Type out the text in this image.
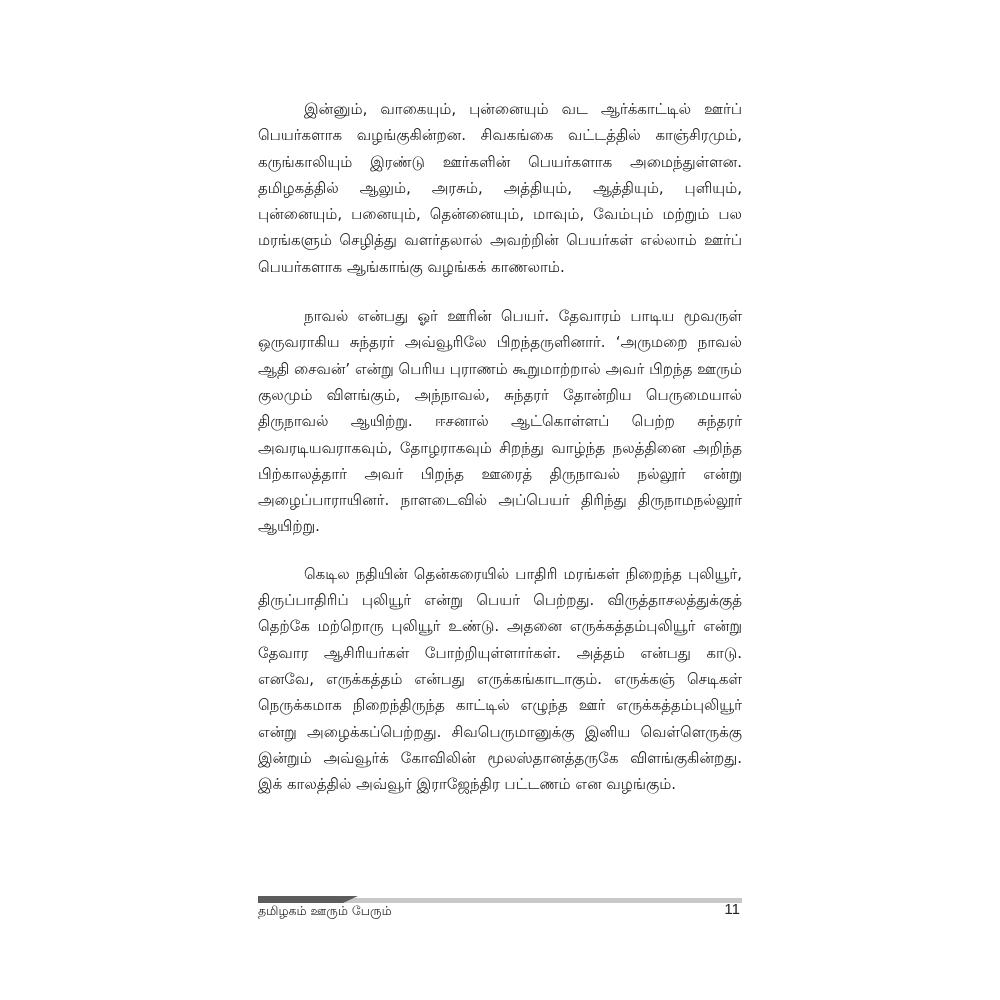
இன்னும், வாகையும், புன்னையும் வட ஆர்க்காட்டில் ஊர்ப் பெயர்களாக வழங்குகின்றன. சிவகங்கை வட்டத்தில் காஞ்சிரமும், கருங்காலியும் இரண்டு ஊர்களின் பெயர்களாக அமைந்துள்ளன. தமிழகத்தில் ஆலும், அரசும், அத்தியும், ஆத்தியும், புளியும், புன்னையும், பனையும், தென்னையும், மாவும், வேம்பும் மற்றும் பல மரங்களும் செழித்து வளர்தலால் அவற்றின் பெயர்கள் எல்லாம் ஊர்ப் பெயர்களாக ஆங்காங்கு வழங்கக் காணலாம்.

நாவல் என்பது ஓர் ஊரின் பெயர். தேவாரம் பாடிய மூவருள் ஒருவராகிய சுந்தரர் அவ்வூரிலே பிறந்தருளினார். ‘அருமறை நாவல் ஆதி சைவன்’ என்று பெரிய புராணம் கூறுமாற்றால் அவர் பிறந்த ஊரும் குலமும் விளங்கும், அந்நாவல், சுந்தரர் தோன்றிய பெருமையால் திருநாவல் ஆயிற்று. ஈசனால் ஆட்கொள்ளப் பெற்ற சுந்தரர் அவரடியவராகவும், தோழராகவும் சிறந்து வாழ்ந்த நலத்தினை அறிந்த பிற்காலத்தார் அவர் பிறந்த ஊரைத் திருநாவல் நல்லூர் என்று அழைப்பாராயினர். நாளடைவில் அப்பெயர் திரிந்து திருநாமநல்லூர் ஆயிற்று.

கெடில நதியின் தென்கரையில் பாதிரி மரங்கள் நிறைந்த புலியூர், திருப்பாதிரிப் புலியூர் என்று பெயர் பெற்றது. விருத்தாசலத்துக்குத் தெற்கே மற்றொரு புலியூர் உண்டு. அதனை எருக்கத்தம்புலியூர் என்று தேவார ஆசிரியர்கள் போற்றியுள்ளார்கள். அத்தம் என்பது காடு. எனவே, எருக்கத்தம் என்பது எருக்கங்காடாகும். எருக்கஞ் செடிகள் நெருக்கமாக நிறைந்திருந்த காட்டில் எழுந்த ஊர் எருக்கத்தம்புலியூர் என்று அழைக்கப்பெற்றது. சிவபெருமானுக்கு இனிய வெள்ளெருக்கு இன்றும் அவ்வூர்க் கோவிலின் மூலஸ்தானத்தருகே விளங்குகின்றது. இக் காலத்தில் அவ்வூர் இராஜேந்திர பட்டணம் என வழங்கும்.

தமிழகம் ஊரும் பேரும்	11
